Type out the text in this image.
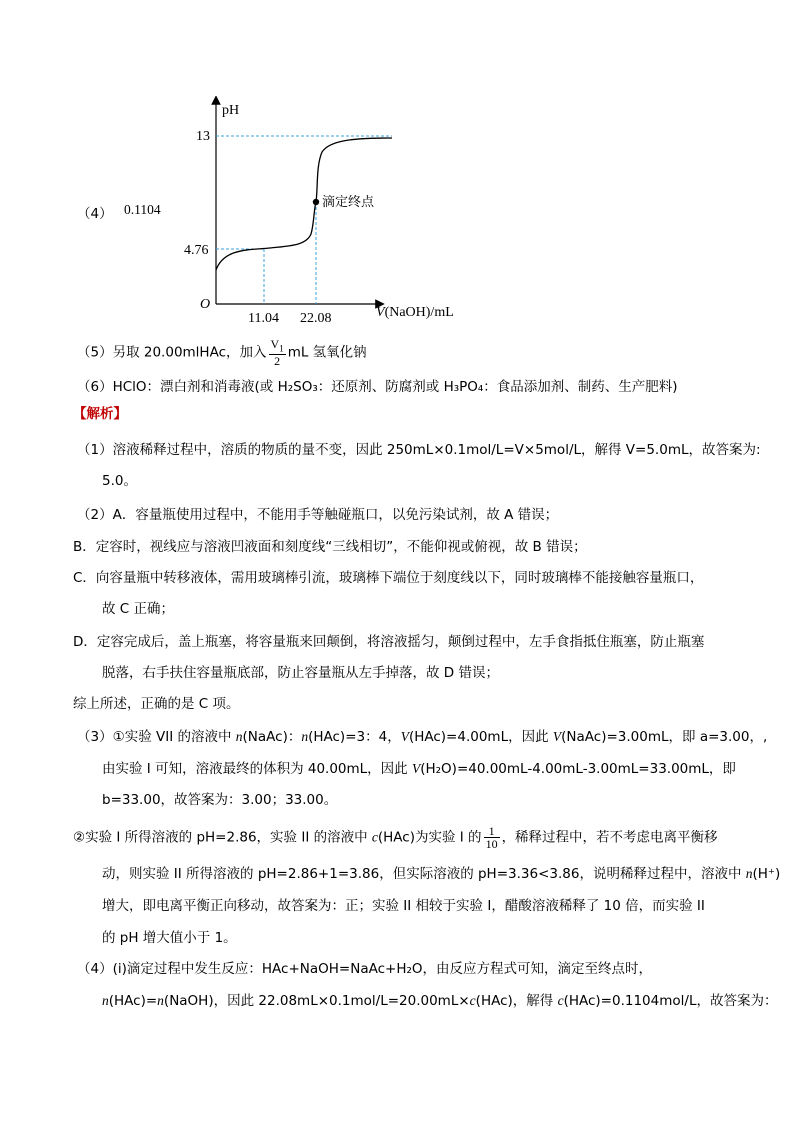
（4） 0.1104
pH
13
4.76
O
11.04 22.08	V(NaOH)/mL
滴定终点
（5）另取 20.00mlHAc，加入 $\frac{V_1}{2}$ mL 氢氧化钠
（6）HClO：漂白剂和消毒液(或 H₂SO₃：还原剂、防腐剂或 H₃PO₄：食品添加剂、制药、生产肥料)
【解析】
（1）溶液稀释过程中，溶质的物质的量不变，因此 250mL×0.1mol/L=V×5mol/L，解得 V=5.0mL，故答案为:
5.0。
（2）A．容量瓶使用过程中，不能用手等触碰瓶口，以免污染试剂，故 A 错误；
B．定容时，视线应与溶液凹液面和刻度线“三线相切”，不能仰视或俯视，故 B 错误；
C．向容量瓶中转移液体，需用玻璃棒引流，玻璃棒下端位于刻度线以下，同时玻璃棒不能接触容量瓶口，
故 C 正确；
D．定容完成后，盖上瓶塞，将容量瓶来回颠倒，将溶液摇匀，颠倒过程中，左手食指抵住瓶塞，防止瓶塞
脱落，右手扶住容量瓶底部，防止容量瓶从左手掉落，故 D 错误；
综上所述，正确的是 C 项。
（3）①实验 VII 的溶液中 n(NaAc)：n(HAc)=3：4，V(HAc)=4.00mL，因此 V(NaAc)=3.00mL，即 a=3.00，,
由实验 I 可知，溶液最终的体积为 40.00mL，因此 V(H₂O)=40.00mL-4.00mL-3.00mL=33.00mL，即
b=33.00，故答案为：3.00；33.00。
②实验 I 所得溶液的 pH=2.86，实验 II 的溶液中 c(HAc)为实验 I 的 $\frac{1}{10}$ ，稀释过程中，若不考虑电离平衡移
动，则实验 II 所得溶液的 pH=2.86+1=3.86，但实际溶液的 pH=3.36<3.86，说明稀释过程中，溶液中 n(H⁺)
增大，即电离平衡正向移动，故答案为：正；实验 II 相较于实验 I，醋酸溶液稀释了 10 倍，而实验 II
的 pH 增大值小于 1。
（4）(i)滴定过程中发生反应：HAc+NaOH=NaAc+H₂O，由反应方程式可知，滴定至终点时，
n(HAc)=n(NaOH)，因此 22.08mL×0.1mol/L=20.00mL×c(HAc)，解得 c(HAc)=0.1104mol/L，故答案为：
